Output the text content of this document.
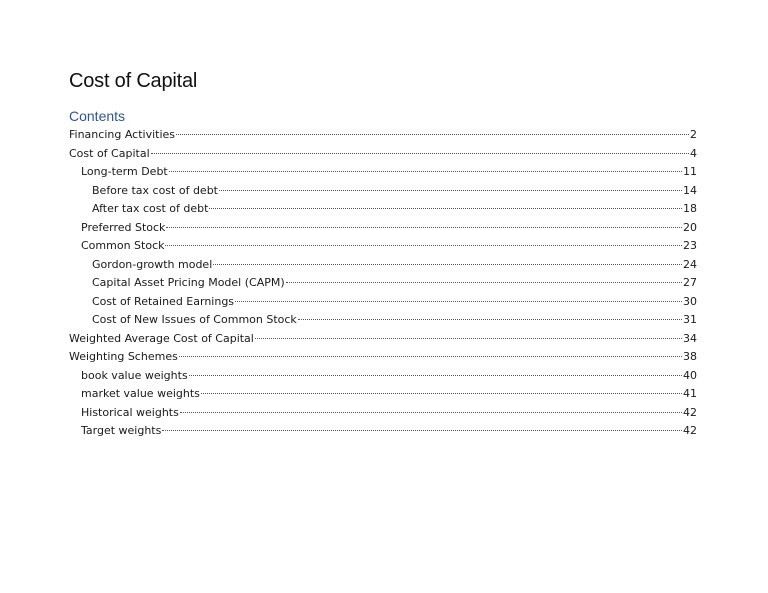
Cost of Capital
Contents
Financing Activities	2
Cost of Capital	4
Long-term Debt	11
Before tax cost of debt	14
After tax cost of debt	18
Preferred Stock	20
Common Stock	23
Gordon-growth model	24
Capital Asset Pricing Model (CAPM)	27
Cost of Retained Earnings	30
Cost of New Issues of Common Stock	31
Weighted Average Cost of Capital	34
Weighting Schemes	38
book value weights	40
market value weights	41
Historical weights	42
Target weights	42
